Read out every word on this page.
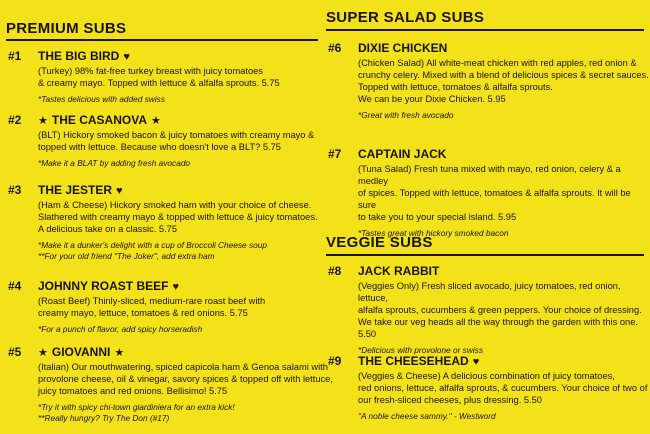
PREMIUM SUBS
SUPER SALAD SUBS
VEGGIE SUBS
#1	THE BIG BIRD ♥
(Turkey) 98% fat-free turkey breast with juicy tomatoes
& creamy mayo. Topped with lettuce & alfalfa sprouts. 5.75
*Tastes delicious with added swiss
#2	★ THE CASANOVA ★
(BLT) Hickory smoked bacon & juicy tomatoes with creamy mayo &
topped with lettuce. Because who doesn't love a BLT? 5.75
*Make it a BLAT by adding fresh avocado
#3	THE JESTER ♥
(Ham & Cheese) Hickory smoked ham with your choice of cheese.
Slathered with creamy mayo & topped with lettuce & juicy tomatoes.
A delicious take on a classic. 5.75
*Make it a dunker's delight with a cup of Broccoli Cheese soup
**For your old friend "The Joker", add extra ham
#4	JOHNNY ROAST BEEF ♥
(Roast Beef) Thinly-sliced, medium-rare roast beef with
creamy mayo, lettuce, tomatoes & red onions. 5.75
*For a punch of flavor, add spicy horseradish
#5	★ GIOVANNI ★
(Italian) Our mouthwatering, spiced capicola ham & Genoa salami with
provolone cheese, oil & vinegar, savory spices & topped off with lettuce,
juicy tomatoes and red onions. Bellisimo! 5.75
*Try it with spicy chi-town giardiniera for an extra kick!
**Really hungry? Try The Don (#17)
#6	DIXIE CHICKEN
(Chicken Salad) All white-meat chicken with red apples, red onion &
crunchy celery. Mixed with a blend of delicious spices & secret sauces.
Topped with lettuce, tomatoes & alfalfa sprouts.
We can be your Dixie Chicken. 5.95
*Great with fresh avocado
#7	CAPTAIN JACK
(Tuna Salad) Fresh tuna mixed with mayo, red onion, celery & a medley
of spices. Topped with lettuce, tomatoes & alfalfa sprouts. It will be sure
to take you to your special island. 5.95
*Tastes great with hickory smoked bacon
#8	JACK RABBIT
(Veggies Only) Fresh sliced avocado, juicy tomatoes, red onion, lettuce,
alfalfa sprouts, cucumbers & green peppers. Your choice of dressing.
We take our veg heads all the way through the garden with this one. 5.50
*Delicious with provolone or swiss
#9	THE CHEESEHEAD ♥
(Veggies & Cheese) A delicious combination of juicy tomatoes,
red onions, lettuce, alfalfa sprouts, & cucumbers. Your choice of two of
our fresh-sliced cheeses, plus dressing. 5.50
"A noble cheese sammy." - Westword
